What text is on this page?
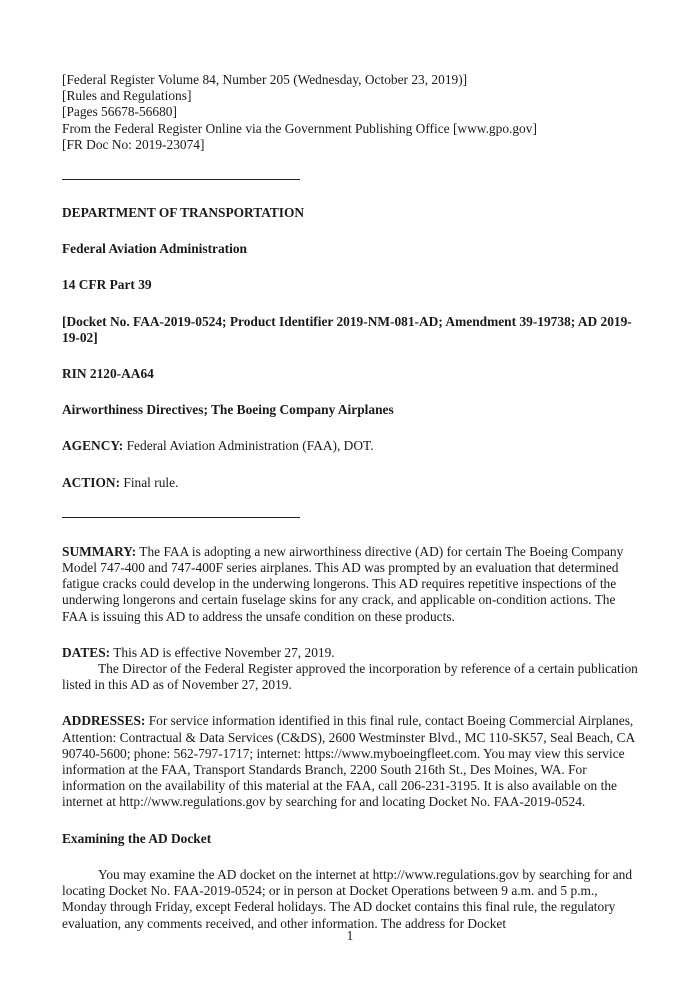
[Federal Register Volume 84, Number 205 (Wednesday, October 23, 2019)]
[Rules and Regulations]
[Pages 56678-56680]
From the Federal Register Online via the Government Publishing Office [www.gpo.gov]
[FR Doc No: 2019-23074]
DEPARTMENT OF TRANSPORTATION
Federal Aviation Administration
14 CFR Part 39
[Docket No. FAA-2019-0524; Product Identifier 2019-NM-081-AD; Amendment 39-19738; AD 2019-19-02]
RIN 2120-AA64
Airworthiness Directives; The Boeing Company Airplanes

AGENCY: Federal Aviation Administration (FAA), DOT.

ACTION: Final rule.

SUMMARY: The FAA is adopting a new airworthiness directive (AD) for certain The Boeing Company Model 747-400 and 747-400F series airplanes. This AD was prompted by an evaluation that determined fatigue cracks could develop in the underwing longerons. This AD requires repetitive inspections of the underwing longerons and certain fuselage skins for any crack, and applicable on-condition actions. The FAA is issuing this AD to address the unsafe condition on these products.

DATES: This AD is effective November 27, 2019.

The Director of the Federal Register approved the incorporation by reference of a certain publication listed in this AD as of November 27, 2019.

ADDRESSES: For service information identified in this final rule, contact Boeing Commercial Airplanes, Attention: Contractual & Data Services (C&DS), 2600 Westminster Blvd., MC 110-SK57, Seal Beach, CA 90740-5600; phone: 562-797-1717; internet: https://www.myboeingfleet.com. You may view this service information at the FAA, Transport Standards Branch, 2200 South 216th St., Des Moines, WA. For information on the availability of this material at the FAA, call 206-231-3195. It is also available on the internet at http://www.regulations.gov by searching for and locating Docket No. FAA-2019-0524.

Examining the AD Docket

You may examine the AD docket on the internet at http://www.regulations.gov by searching for and locating Docket No. FAA-2019-0524; or in person at Docket Operations between 9 a.m. and 5 p.m., Monday through Friday, except Federal holidays. The AD docket contains this final rule, the regulatory evaluation, any comments received, and other information. The address for Docket

1
